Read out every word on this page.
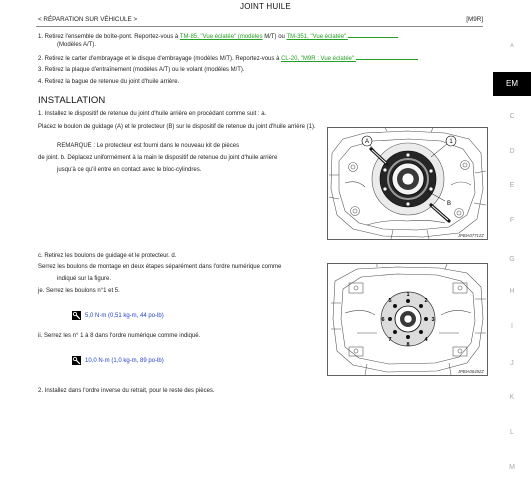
JOINT HUILE
< RÉPARATION SUR VÉHICULE >	[M9R]
1. Retirez l'ensemble de boîte-pont. Reportez-vous à TM-85, "Vue éclatée" (modèles M/T) ou TM-351, "Vue éclatée".
(Modèles A/T).
2. Retirez le carter d'embrayage et le disque d'embrayage (modèles M/T). Reportez-vous à CL-20, "M9R : Vue éclatée".
3. Retirez la plaque d'entraînement (modèles A/T) ou le volant (modèles M/T).
4. Retirez la bague de retenue du joint d'huile arrière.
INSTALLATION
1. Installez le dispositif de retenue du joint d'huile arrière en procédant comme suit : a.
Placez le boulon de guidage (A) et le protecteur (B) sur le dispositif de retenue du joint d'huile arrière (1).
REMARQUE : Le protecteur est fourni dans le nouveau kit de pièces
de joint. b. Déplacez uniformément à la main le dispositif de retenue du joint d'huile arrière
jusqu'à ce qu'il entre en contact avec le bloc-cylindres.
c. Retirez les boulons de guidage et le protecteur. d.
Serrez les boulons de montage en deux étapes séparément dans l'ordre numérique comme
indiqué sur la figure.
je. Serrez les boulons n°1 et 5.
5,0 N·m (0,51 kg-m, 44 po-lb)
ii. Serrez les n° 1 à 8 dans l'ordre numérique comme indiqué.
10,0 N·m (1,0 kg-m, 89 po-lb)
2. Installez dans l'ordre inverse du retrait, pour le reste des pièces.
A	1
B
JPBIA0771ZZ
1
2
3
4
5
6
7
8
JPBIA0649ZZ
A
EM
C
D
E
F
G
H
I
J
K
L
M
